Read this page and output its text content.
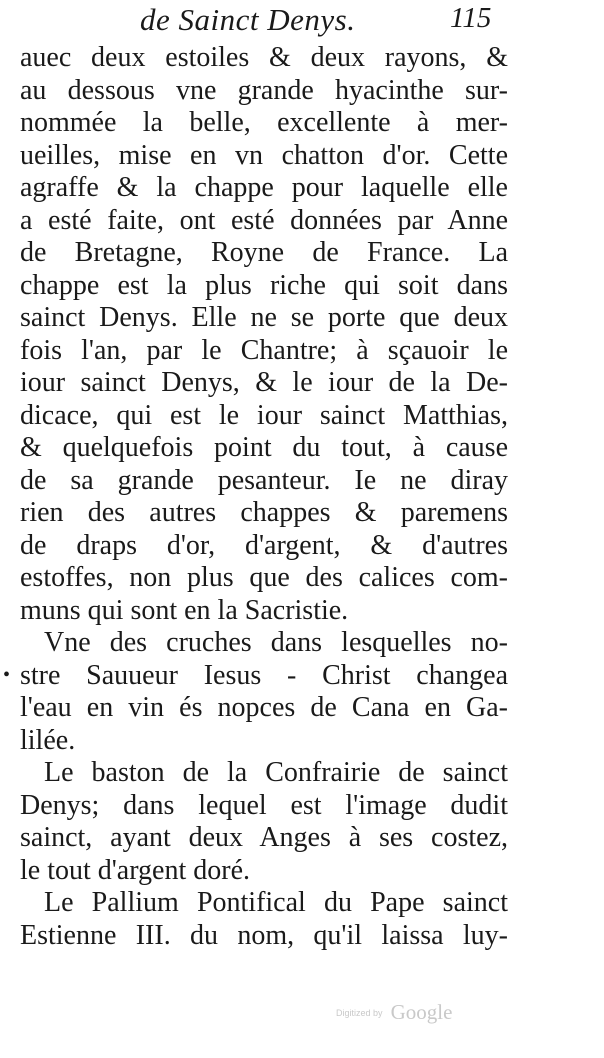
de Sainct Denys.	115
auec deux estoiles & deux rayons, &
au dessous vne grande hyacinthe sur-
nommée la belle, excellente à mer-
ueilles, mise en vn chatton d'or. Cette
agraffe & la chappe pour laquelle elle
a esté faite, ont esté données par Anne
de Bretagne, Royne de France. La
chappe est la plus riche qui soit dans
sainct Denys. Elle ne se porte que deux
fois l'an, par le Chantre; à sçauoir le
iour sainct Denys, & le iour de la De-
dicace, qui est le iour sainct Matthias,
& quelquefois point du tout, à cause
de sa grande pesanteur. Ie ne diray
rien des autres chappes & paremens
de draps d'or, d'argent, & d'autres
estoffes, non plus que des calices com-
muns qui sont en la Sacristie.
Vne des cruches dans lesquelles no-
stre Sauueur Iesus - Christ changea
l'eau en vin és nopces de Cana en Ga-
lilée.
Le baston de la Confrairie de sainct
Denys; dans lequel est l'image dudit
sainct, ayant deux Anges à ses costez,
le tout d'argent doré.
Le Pallium Pontifical du Pape sainct
Estienne III. du nom, qu'il laissa luy-
•
Digitized by Google
